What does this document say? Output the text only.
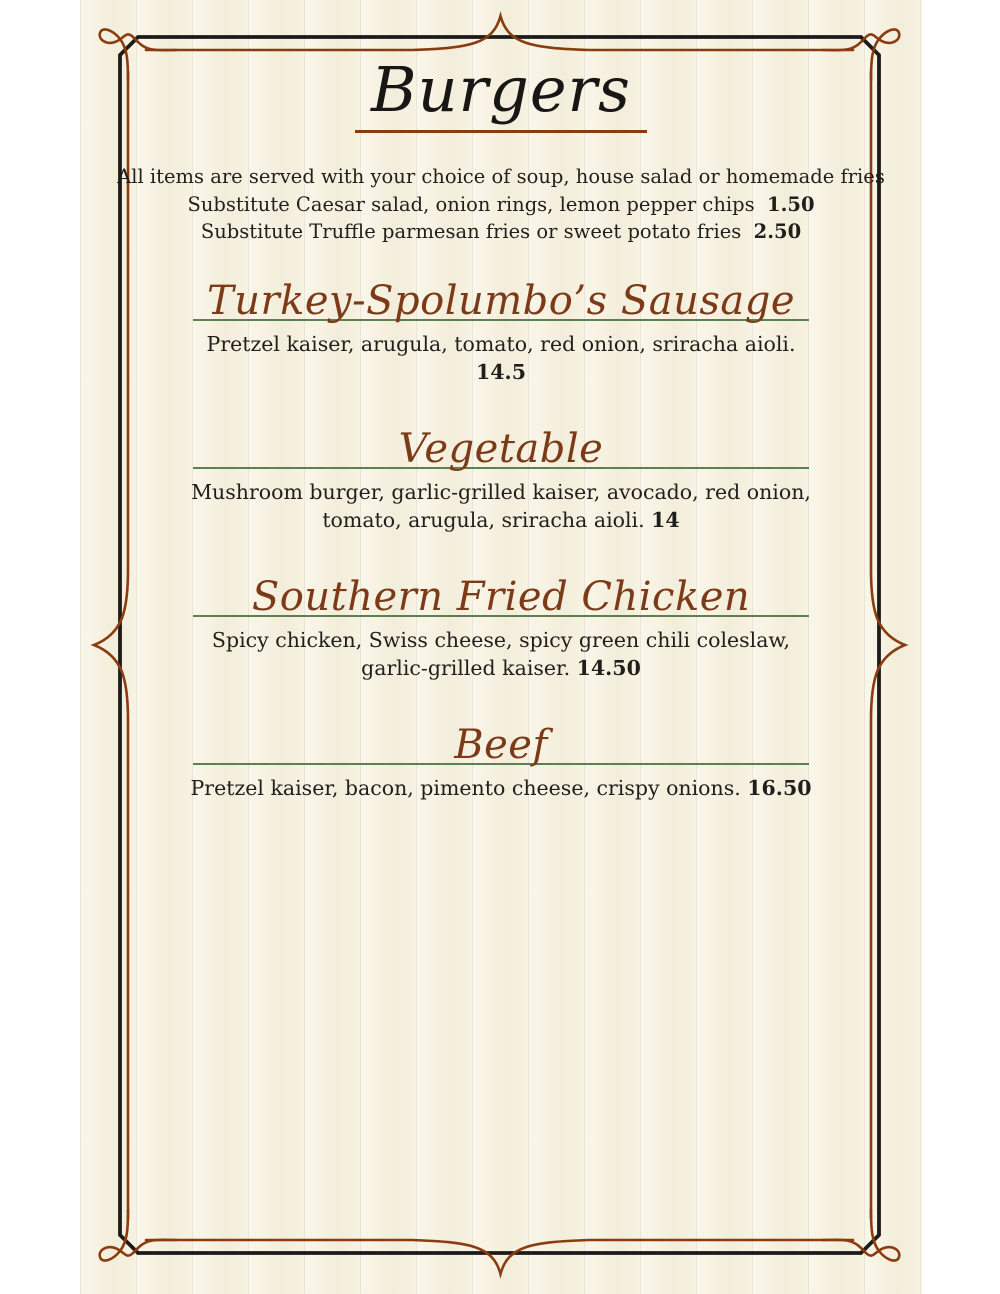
Burgers
All items are served with your choice of soup, house salad or homemade fries
Substitute Caesar salad, onion rings, lemon pepper chips 1.50
Substitute Truffle parmesan fries or sweet potato fries 2.50
Turkey-Spolumbo’s Sausage

Pretzel kaiser, arugula, tomato, red onion, sriracha aioli. 14.5

Vegetable

Mushroom burger, garlic-grilled kaiser, avocado, red onion, tomato, arugula, sriracha aioli. 14

Southern Fried Chicken

Spicy chicken, Swiss cheese, spicy green chili coleslaw, garlic-grilled kaiser. 14.50

Beef

Pretzel kaiser, bacon, pimento cheese, crispy onions. 16.50
